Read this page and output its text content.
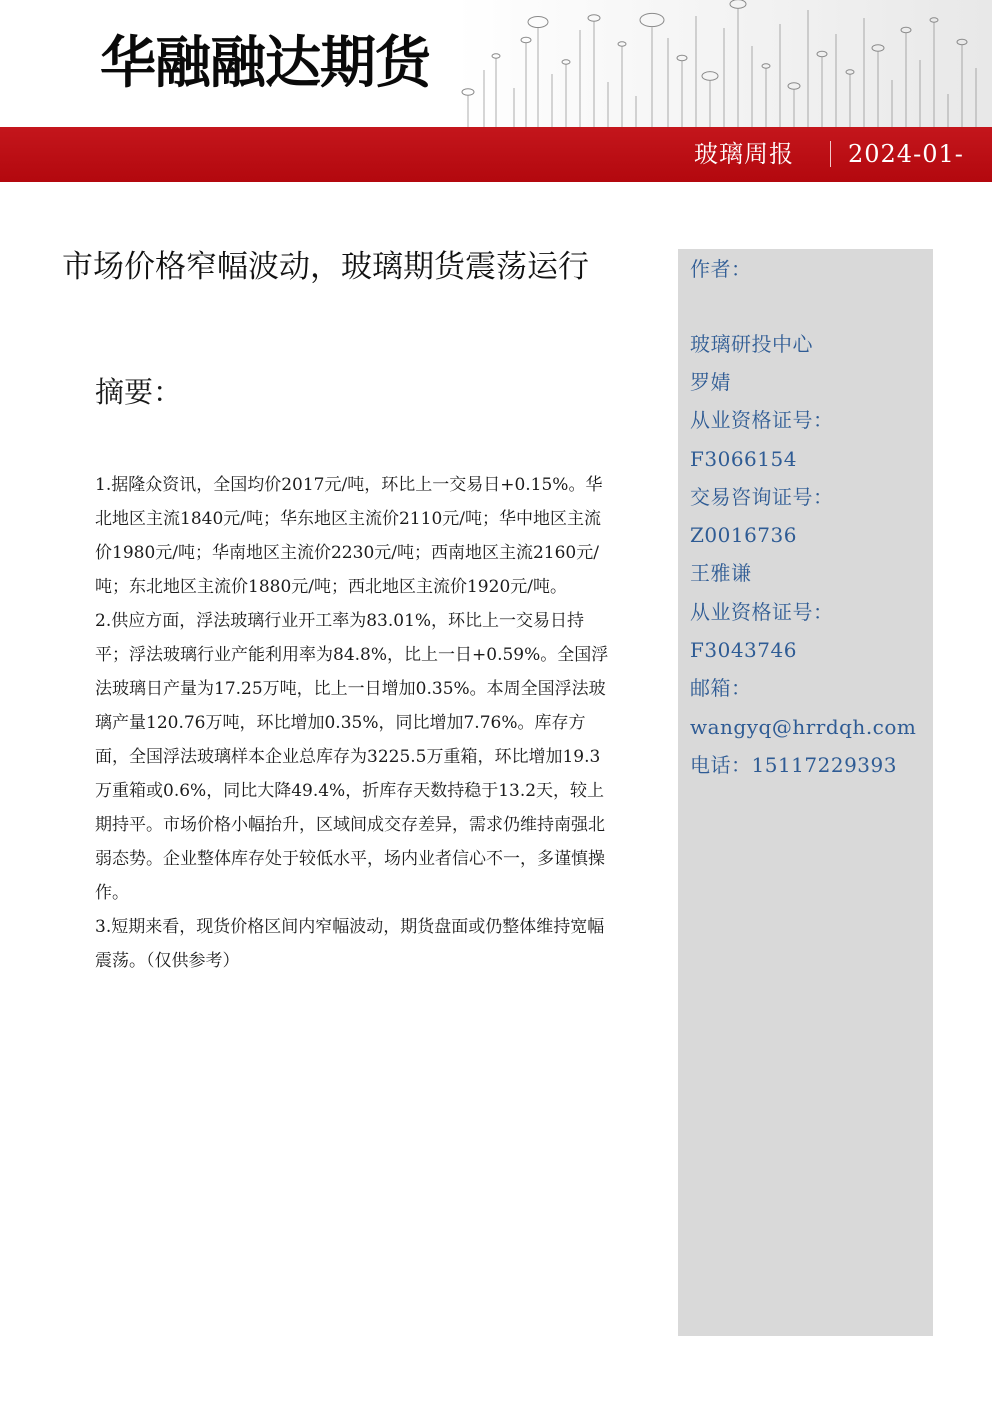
华融融达期货
玻璃周报 2024-01-07
市场价格窄幅波动，玻璃期货震荡运行
摘要：

1.据隆众资讯，全国均价2017元/吨，环比上一交易日+0.15%。华北地区主流1840元/吨；华东地区主流价2110元/吨；华中地区主流价1980元/吨；华南地区主流价2230元/吨；西南地区主流2160元/吨；东北地区主流价1880元/吨；西北地区主流价1920元/吨。

2.供应方面，浮法玻璃行业开工率为83.01%，环比上一交易日持平；浮法玻璃行业产能利用率为84.8%，比上一日+0.59%。全国浮法玻璃日产量为17.25万吨，比上一日增加0.35%。本周全国浮法玻璃产量120.76万吨，环比增加0.35%，同比增加7.76%。库存方面，全国浮法玻璃样本企业总库存为3225.5万重箱，环比增加19.3万重箱或0.6%，同比大降49.4%，折库存天数持稳于13.2天，较上期持平。市场价格小幅抬升，区域间成交存差异，需求仍维持南强北弱态势。企业整体库存处于较低水平，场内业者信心不一，多谨慎操作。

3.短期来看，现货价格区间内窄幅波动，期货盘面或仍整体维持宽幅震荡。（仅供参考）

作者：
玻璃研投中心
罗婧
从业资格证号：
F3066154
交易咨询证号：
Z0016736
王雅谦
从业资格证号：
F3043746
邮箱：
wangyq@hrrdqh.com
电话：15117229393
